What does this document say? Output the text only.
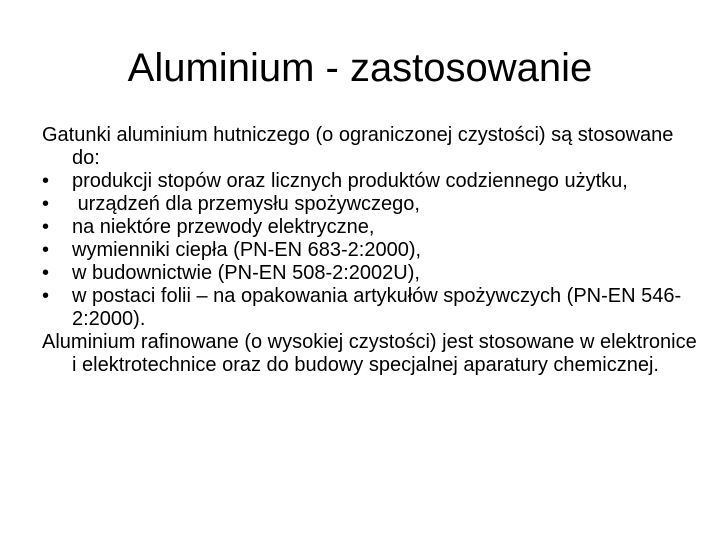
Aluminium - zastosowanie

Gatunki aluminium hutniczego (o ograniczonej czystości) są stosowane do:

•	produkcji stopów oraz licznych produktów codziennego użytku,
•	urządzeń dla przemysłu spożywczego,
•	na niektóre przewody elektryczne,
•	wymienniki ciepła (PN-EN 683-2:2000),
•	w budownictwie (PN-EN 508-2:2002U),
•	w postaci folii – na opakowania artykułów spożywczych (PN-EN 546-2:2000).

Aluminium rafinowane (o wysokiej czystości) jest stosowane w elektronice i elektrotechnice oraz do budowy specjalnej aparatury chemicznej.
